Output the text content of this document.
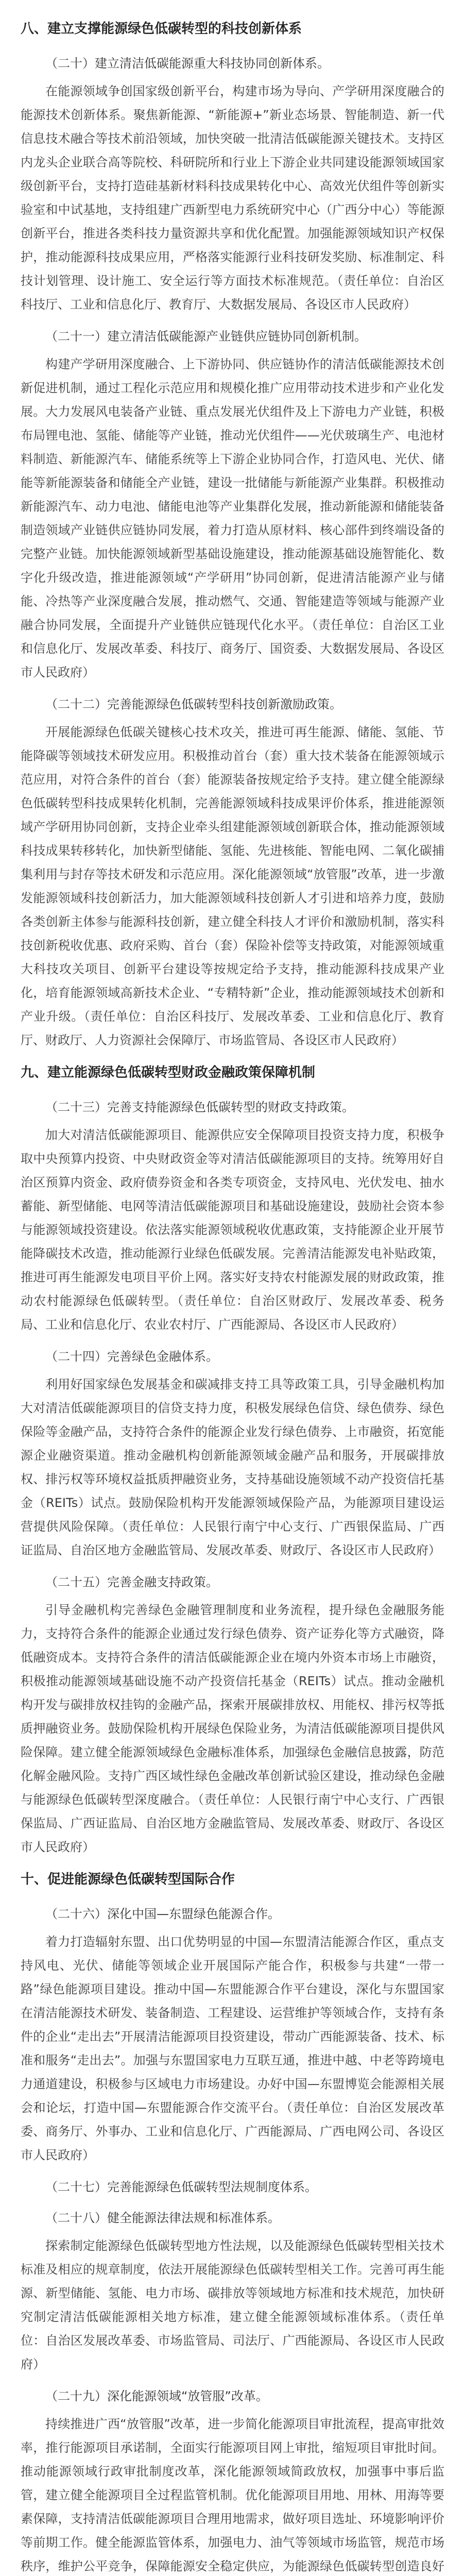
八、建立支撑能源绿色低碳转型的科技创新体系

（二十）建立清洁低碳能源重大科技协同创新体系。

在能源领域争创国家级创新平台，构建市场为导向、产学研用深度融合的能源技术创新体系。聚焦新能源、“新能源+”新业态场景、智能制造、新一代信息技术融合等技术前沿领域，加快突破一批清洁低碳能源关键技术。支持区内龙头企业联合高等院校、科研院所和行业上下游企业共同建设能源领域国家级创新平台，支持打造硅基新材料科技成果转化中心、高效光伏组件等创新实验室和中试基地，支持组建广西新型电力系统研究中心（广西分中心）等能源创新平台，推进各类科技力量资源共享和优化配置。加强能源领域知识产权保护，推动能源科技成果应用，严格落实能源行业科技研发奖励、标准制定、科技计划管理、设计施工、安全运行等方面技术标准规范。（责任单位：自治区科技厅、工业和信息化厅、教育厅、大数据发展局、各设区市人民政府）

（二十一）建立清洁低碳能源产业链供应链协同创新机制。

构建产学研用深度融合、上下游协同、供应链协作的清洁低碳能源技术创新促进机制，通过工程化示范应用和规模化推广应用带动技术进步和产业化发展。大力发展风电装备产业链、重点发展光伏组件及上下游电力产业链，积极布局锂电池、氢能、储能等产业链，推动光伏组件——光伏玻璃生产、电池材料制造、新能源汽车、储能系统等上下游企业协同合作，打造风电、光伏、储能等新能源装备和储能全产业链，建设一批储能与新能源产业集群。积极推动新能源汽车、动力电池、储能电池等产业集群化发展，推动新能源和储能装备制造领域产业链供应链协同发展，着力打造从原材料、核心部件到终端设备的完整产业链。加快能源领域新型基础设施建设，推动能源基础设施智能化、数字化升级改造，推进能源领域“产学研用”协同创新，促进清洁能源产业与储能、冷热等产业深度融合发展，推动燃气、交通、智能建造等领域与能源产业融合协同发展，全面提升产业链供应链现代化水平。（责任单位：自治区工业和信息化厅、发展改革委、科技厅、商务厅、国资委、大数据发展局、各设区市人民政府）

（二十二）完善能源绿色低碳转型科技创新激励政策。

开展能源绿色低碳关键核心技术攻关，推进可再生能源、储能、氢能、节能降碳等领域技术研发应用。积极推动首台（套）重大技术装备在能源领域示范应用，对符合条件的首台（套）能源装备按规定给予支持。建立健全能源绿色低碳转型科技成果转化机制，完善能源领域科技成果评价体系，推进能源领域产学研用协同创新，支持企业牵头组建能源领域创新联合体，推动能源领域科技成果转移转化，加快新型储能、氢能、先进核能、智能电网、二氧化碳捕集利用与封存等技术研发和示范应用。深化能源领域“放管服”改革，进一步激发能源领域科技创新活力，加大能源领域科技创新人才引进和培养力度，鼓励各类创新主体参与能源科技创新，建立健全科技人才评价和激励机制，落实科技创新税收优惠、政府采购、首台（套）保险补偿等支持政策，对能源领域重大科技攻关项目、创新平台建设等按规定给予支持，推动能源科技成果产业化，培育能源领域高新技术企业、“专精特新”企业，推动能源领域技术创新和产业升级。（责任单位：自治区科技厅、发展改革委、工业和信息化厅、教育厅、财政厅、人力资源社会保障厅、市场监管局、各设区市人民政府）

九、建立能源绿色低碳转型财政金融政策保障机制

（二十三）完善支持能源绿色低碳转型的财政支持政策。

加大对清洁低碳能源项目、能源供应安全保障项目投资支持力度，积极争取中央预算内投资、中央财政资金等对清洁低碳能源项目的支持。统筹用好自治区预算内资金、政府债券资金和各类专项资金，支持风电、光伏发电、抽水蓄能、新型储能、电网等清洁低碳能源项目和基础设施建设，鼓励社会资本参与能源领域投资建设。依法落实能源领域税收优惠政策，支持能源企业开展节能降碳技术改造，推动能源行业绿色低碳发展。完善清洁能源发电补贴政策，推进可再生能源发电项目平价上网。落实好支持农村能源发展的财政政策，推动农村能源绿色低碳转型。（责任单位：自治区财政厅、发展改革委、税务局、工业和信息化厅、农业农村厅、广西能源局、各设区市人民政府）

（二十四）完善绿色金融体系。

利用好国家绿色发展基金和碳减排支持工具等政策工具，引导金融机构加大对清洁低碳能源项目的信贷支持力度，积极发展绿色信贷、绿色债券、绿色保险等金融产品，支持符合条件的能源企业发行绿色债券、上市融资，拓宽能源企业融资渠道。推动金融机构创新能源领域金融产品和服务，开展碳排放权、排污权等环境权益抵质押融资业务，支持基础设施领域不动产投资信托基金（REITs）试点。鼓励保险机构开发能源领域保险产品，为能源项目建设运营提供风险保障。（责任单位：人民银行南宁中心支行、广西银保监局、广西证监局、自治区地方金融监管局、发展改革委、财政厅、各设区市人民政府）

（二十五）完善金融支持政策。

引导金融机构完善绿色金融管理制度和业务流程，提升绿色金融服务能力，支持符合条件的能源企业通过发行绿色债券、资产证券化等方式融资，降低融资成本。支持符合条件的清洁低碳能源企业在境内外资本市场上市融资，积极推动能源领域基础设施不动产投资信托基金（REITs）试点。推动金融机构开发与碳排放权挂钩的金融产品，探索开展碳排放权、用能权、排污权等抵质押融资业务。鼓励保险机构开展绿色保险业务，为清洁低碳能源项目提供风险保障。建立健全能源领域绿色金融标准体系，加强绿色金融信息披露，防范化解金融风险。支持广西区域性绿色金融改革创新试验区建设，推动绿色金融与能源绿色低碳转型深度融合。（责任单位：人民银行南宁中心支行、广西银保监局、广西证监局、自治区地方金融监管局、发展改革委、财政厅、各设区市人民政府）

十、促进能源绿色低碳转型国际合作

（二十六）深化中国—东盟绿色能源合作。

着力打造辐射东盟、出口优势明显的中国—东盟清洁能源合作区，重点支持风电、光伏、储能等领域企业开展国际产能合作，积极参与共建“一带一路”绿色能源项目建设。推动中国—东盟能源合作平台建设，深化与东盟国家在清洁能源技术研发、装备制造、工程建设、运营维护等领域合作，支持有条件的企业“走出去”开展清洁能源项目投资建设，带动广西能源装备、技术、标准和服务“走出去”。加强与东盟国家电力互联互通，推进中越、中老等跨境电力通道建设，积极参与区域电力市场建设。办好中国—东盟博览会能源相关展会和论坛，打造中国—东盟能源合作交流平台。（责任单位：自治区发展改革委、商务厅、外事办、工业和信息化厅、广西能源局、广西电网公司、各设区市人民政府）

（二十七）完善能源绿色低碳转型法规制度体系。

（二十八）健全能源法律法规和标准体系。

探索制定能源绿色低碳转型地方性法规，以及能源绿色低碳转型相关技术标准及相应的规章制度，依法开展能源绿色低碳转型相关工作。完善可再生能源、新型储能、氢能、电力市场、碳排放等领域地方标准和技术规范，加快研究制定清洁低碳能源相关地方标准，建立健全能源领域标准体系。（责任单位：自治区发展改革委、市场监管局、司法厅、广西能源局、各设区市人民政府）

（二十九）深化能源领域“放管服”改革。

持续推进广西“放管服”改革，进一步简化能源项目审批流程，提高审批效率，推行能源项目承诺制，全面实行能源项目网上审批，缩短项目审批时间。推动能源领域行政审批制度改革，深化能源领域简政放权，加强事中事后监管，建立健全能源项目全过程监管机制。优化能源项目用地、用林、用海等要素保障，支持清洁低碳能源项目合理用地需求，做好项目选址、环境影响评价等前期工作。健全能源监管体系，加强电力、油气等领域市场监管，规范市场秩序，维护公平竞争，保障能源安全稳定供应，为能源绿色低碳转型创造良好
